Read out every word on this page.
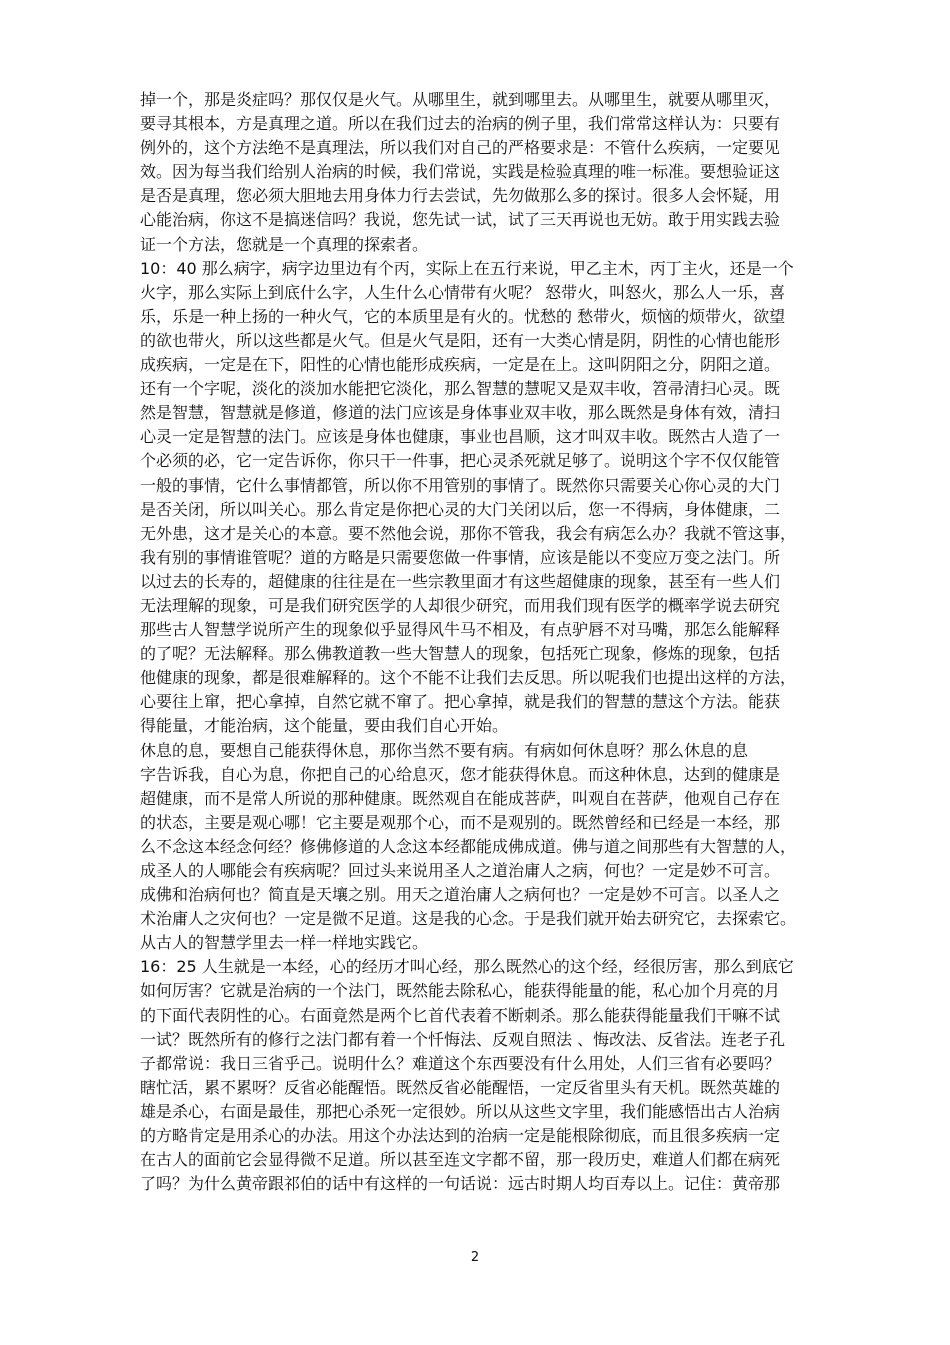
掉一个，那是炎症吗？那仅仅是火气。从哪里生，就到哪里去。从哪里生，就要从哪里灭，
要寻其根本，方是真理之道。所以在我们过去的治病的例子里，我们常常这样认为：只要有
例外的，这个方法绝不是真理法，所以我们对自己的严格要求是：不管什么疾病，一定要见
效。因为每当我们给别人治病的时候，我们常说，实践是检验真理的唯一标准。要想验证这
是否是真理，您必须大胆地去用身体力行去尝试，先勿做那么多的探讨。很多人会怀疑，用
心能治病，你这不是搞迷信吗？我说，您先试一试，试了三天再说也无妨。敢于用实践去验
证一个方法，您就是一个真理的探索者。
10：40 那么病字，病字边里边有个丙，实际上在五行来说，甲乙主木，丙丁主火，还是一个
火字，那么实际上到底什么字，人生什么心情带有火呢？ 怒带火，叫怒火，那么人一乐，喜
乐，乐是一种上扬的一种火气，它的本质里是有火的。忧愁的 愁带火，烦恼的烦带火，欲望
的欲也带火，所以这些都是火气。但是火气是阳，还有一大类心情是阴，阴性的心情也能形
成疾病，一定是在下，阳性的心情也能形成疾病，一定是在上。这叫阴阳之分，阴阳之道。
还有一个字呢，淡化的淡加水能把它淡化，那么智慧的慧呢又是双丰收，笤帚清扫心灵。既
然是智慧，智慧就是修道，修道的法门应该是身体事业双丰收，那么既然是身体有效，清扫
心灵一定是智慧的法门。应该是身体也健康，事业也昌顺，这才叫双丰收。既然古人造了一
个必须的必，它一定告诉你，你只干一件事，把心灵杀死就足够了。说明这个字不仅仅能管
一般的事情，它什么事情都管，所以你不用管别的事情了。既然你只需要关心你心灵的大门
是否关闭，所以叫关心。那么肯定是你把心灵的大门关闭以后，您一不得病，身体健康，二
无外患，这才是关心的本意。要不然他会说，那你不管我，我会有病怎么办？我就不管这事，
我有别的事情谁管呢？道的方略是只需要您做一件事情，应该是能以不变应万变之法门。所
以过去的长寿的，超健康的往往是在一些宗教里面才有这些超健康的现象，甚至有一些人们
无法理解的现象，可是我们研究医学的人却很少研究，而用我们现有医学的概率学说去研究
那些古人智慧学说所产生的现象似乎显得风牛马不相及，有点驴唇不对马嘴，那怎么能解释
的了呢？无法解释。那么佛教道教一些大智慧人的现象，包括死亡现象，修炼的现象，包括
他健康的现象，都是很难解释的。这个不能不让我们去反思。所以呢我们也提出这样的方法，
心要往上窜，把心拿掉，自然它就不窜了。把心拿掉，就是我们的智慧的慧这个方法。能获
得能量，才能治病，这个能量，要由我们自心开始。
休息的息，要想自己能获得休息，那你当然不要有病。有病如何休息呀？那么休息的息
字告诉我，自心为息，你把自己的心给息灭，您才能获得休息。而这种休息，达到的健康是
超健康，而不是常人所说的那种健康。既然观自在能成菩萨，叫观自在菩萨，他观自己存在
的状态，主要是观心哪！它主要是观那个心，而不是观别的。既然曾经和已经是一本经，那
么不念这本经念何经？修佛修道的人念这本经都能成佛成道。佛与道之间那些有大智慧的人，
成圣人的人哪能会有疾病呢？回过头来说用圣人之道治庸人之病，何也？一定是妙不可言。
成佛和治病何也？简直是天壤之别。用天之道治庸人之病何也？一定是妙不可言。以圣人之
术治庸人之灾何也？一定是微不足道。这是我的心念。于是我们就开始去研究它，去探索它。
从古人的智慧学里去一样一样地实践它。
16：25 人生就是一本经，心的经历才叫心经，那么既然心的这个经，经很厉害，那么到底它
如何厉害？它就是治病的一个法门，既然能去除私心，能获得能量的能，私心加个月亮的月
的下面代表阴性的心。右面竟然是两个匕首代表着不断刺杀。那么能获得能量我们干嘛不试
一试？既然所有的修行之法门都有着一个忏悔法、反观自照法 、悔改法、反省法。连老子孔
子都常说：我日三省乎己。说明什么？难道这个东西要没有什么用处，人们三省有必要吗？
瞎忙活，累不累呀？反省必能醒悟。既然反省必能醒悟，一定反省里头有天机。既然英雄的
雄是杀心，右面是最佳，那把心杀死一定很妙。所以从这些文字里，我们能感悟出古人治病
的方略肯定是用杀心的办法。用这个办法达到的治病一定是能根除彻底，而且很多疾病一定
在古人的面前它会显得微不足道。所以甚至连文字都不留，那一段历史，难道人们都在病死
了吗？为什么黄帝跟祁伯的话中有这样的一句话说：远古时期人均百寿以上。记住：黄帝那
2
